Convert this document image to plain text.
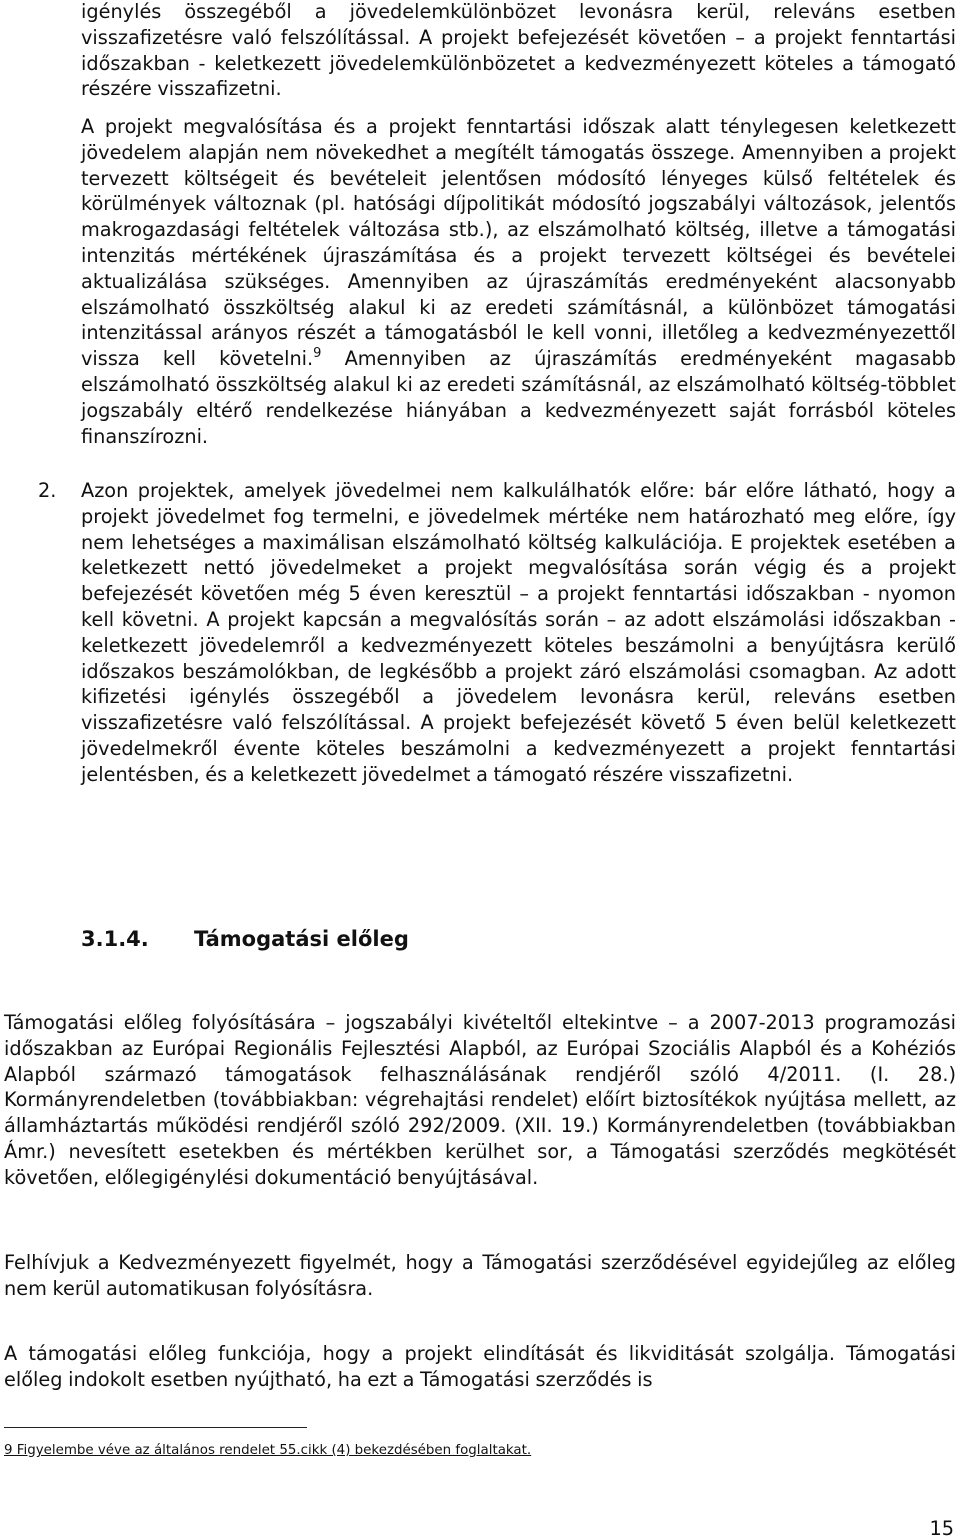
igénylés összegéből a jövedelemkülönbözet levonásra kerül, releváns esetben visszafizetésre való felszólítással. A projekt befejezését követően – a projekt fenntartási időszakban - keletkezett jövedelemkülönbözetet a kedvezményezett köteles a támogató részére visszafizetni.

A projekt megvalósítása és a projekt fenntartási időszak alatt ténylegesen keletkezett jövedelem alapján nem növekedhet a megítélt támogatás összege. Amennyiben a projekt tervezett költségeit és bevételeit jelentősen módosító lényeges külső feltételek és körülmények változnak (pl. hatósági díjpolitikát módosító jogszabályi változások, jelentős makrogazdasági feltételek változása stb.), az elszámolható költség, illetve a támogatási intenzitás mértékének újraszámítása és a projekt tervezett költségei és bevételei aktualizálása szükséges. Amennyiben az újraszámítás eredményeként alacsonyabb elszámolható összköltség alakul ki az eredeti számításnál, a különbözet támogatási intenzitással arányos részét a támogatásból le kell vonni, illetőleg a kedvezményezettől vissza kell követelni.$^9$ Amennyiben az újraszámítás eredményeként magasabb elszámolható összköltség alakul ki az eredeti számításnál, az elszámolható költség-többlet jogszabály eltérő rendelkezése hiányában a kedvezményezett saját forrásból köteles finanszírozni.

2. Azon projektek, amelyek jövedelmei nem kalkulálhatók előre: bár előre látható, hogy a projekt jövedelmet fog termelni, e jövedelmek mértéke nem határozható meg előre, így nem lehetséges a maximálisan elszámolható költség kalkulációja. E projektek esetében a keletkezett nettó jövedelmeket a projekt megvalósítása során végig és a projekt befejezését követően még 5 éven keresztül – a projekt fenntartási időszakban - nyomon kell követni. A projekt kapcsán a megvalósítás során – az adott elszámolási időszakban - keletkezett jövedelemről a kedvezményezett köteles beszámolni a benyújtásra kerülő időszakos beszámolókban, de legkésőbb a projekt záró elszámolási csomagban. Az adott kifizetési igénylés összegéből a jövedelem levonásra kerül, releváns esetben visszafizetésre való felszólítással. A projekt befejezését követő 5 éven belül keletkezett jövedelmekről évente köteles beszámolni a kedvezményezett a projekt fenntartási jelentésben, és a keletkezett jövedelmet a támogató részére visszafizetni.

3.1.4. Támogatási előleg

Támogatási előleg folyósítására – jogszabályi kivételtől eltekintve – a 2007-2013 programozási időszakban az Európai Regionális Fejlesztési Alapból, az Európai Szociális Alapból és a Kohéziós Alapból származó támogatások felhasználásának rendjéről szóló 4/2011. (I. 28.) Kormányrendeletben (továbbiakban: végrehajtási rendelet) előírt biztosítékok nyújtása mellett, az államháztartás működési rendjéről szóló 292/2009. (XII. 19.) Kormányrendeletben (továbbiakban Ámr.) nevesített esetekben és mértékben kerülhet sor, a Támogatási szerződés megkötését követően, előlegigénylési dokumentáció benyújtásával.

Felhívjuk a Kedvezményezett figyelmét, hogy a Támogatási szerződésével egyidejűleg az előleg nem kerül automatikusan folyósításra.

A támogatási előleg funkciója, hogy a projekt elindítását és likviditását szolgálja. Támogatási előleg indokolt esetben nyújtható, ha ezt a Támogatási szerződés is

9 Figyelembe véve az általános rendelet 55.cikk (4) bekezdésében foglaltakat.

15
